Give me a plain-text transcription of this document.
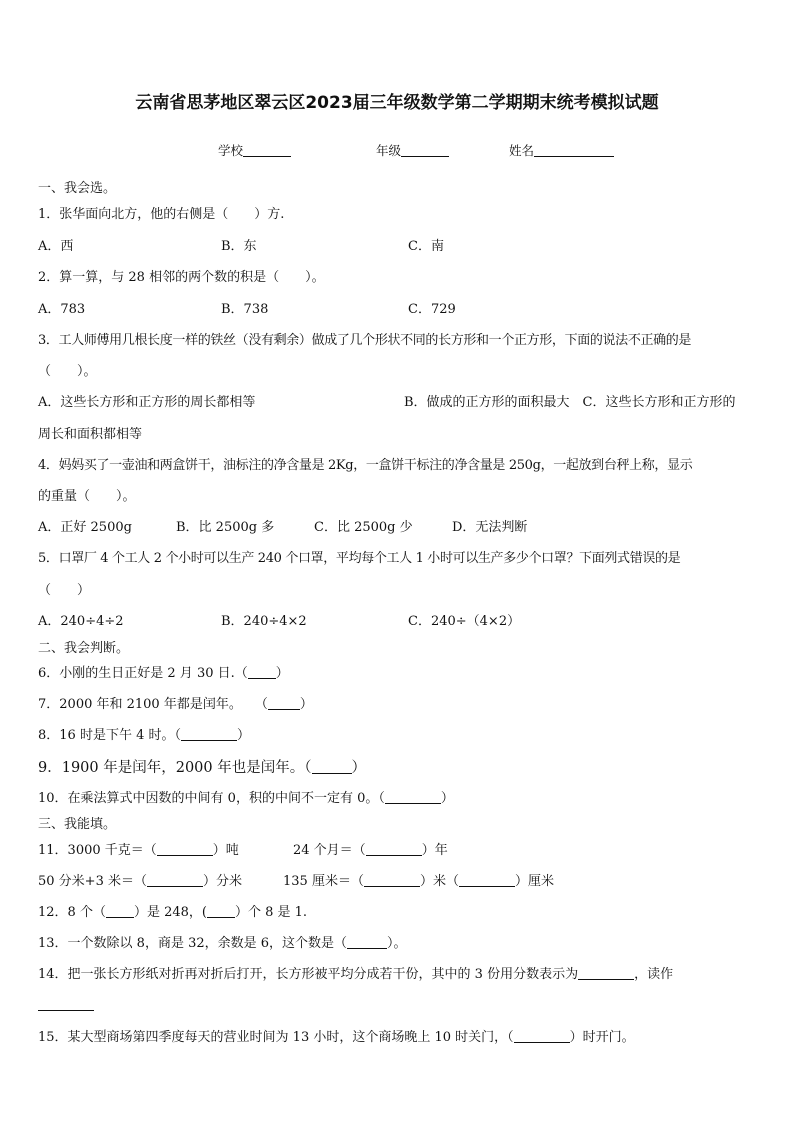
云南省思茅地区翠云区2023届三年级数学第二学期期末统考模拟试题
学校	年级	姓名
一、我会选。
1．张华面向北方，他的右侧是（　　）方.
A．西	B．东	C．南
2．算一算，与 28 相邻的两个数的积是（　　）。
A．783	B．738	C．729
3．工人师傅用几根长度一样的铁丝（没有剩余）做成了几个形状不同的长方形和一个正方形，下面的说法不正确的是
（　　）。
A．这些长方形和正方形的周长都相等	B．做成的正方形的面积最大　C．这些长方形和正方形的
周长和面积都相等
4．妈妈买了一壶油和两盒饼干，油标注的净含量是 2Kg，一盒饼干标注的净含量是 250g，一起放到台秤上称，显示
的重量（　　）。
A．正好 2500g	B．比 2500g 多	C．比 2500g 少	D．无法判断
5．口罩厂 4 个工人 2 个小时可以生产 240 个口罩，平均每个工人 1 小时可以生产多少个口罩？下面列式错误的是
（　　）
A．240÷4÷2	B．240÷4×2	C．240÷（4×2）
二、我会判断。
6．小刚的生日正好是 2 月 30 日.（ ）
7．2000 年和 2100 年都是闰年。　　（ ）
8．16 时是下午 4 时。（	）
9．1900 年是闰年，2000 年也是闰年。（	）
10．在乘法算式中因数的中间有 0，积的中间不一定有 0。（	）
三、我能填。
11．3000 千克＝（	）吨	24 个月＝（	）年
50 分米+3 米＝（	）分米	135 厘米＝（	）米（	）厘米
12．8 个（ ）是 248，( ）个 8 是 1.
13．一个数除以 8，商是 32，余数是 6，这个数是（	）。
14．把一张长方形纸对折再对折后打开，长方形被平均分成若干份，其中的 3 份用分数表示为	，读作
15．某大型商场第四季度每天的营业时间为 13 小时，这个商场晚上 10 时关门，（	）时开门。
